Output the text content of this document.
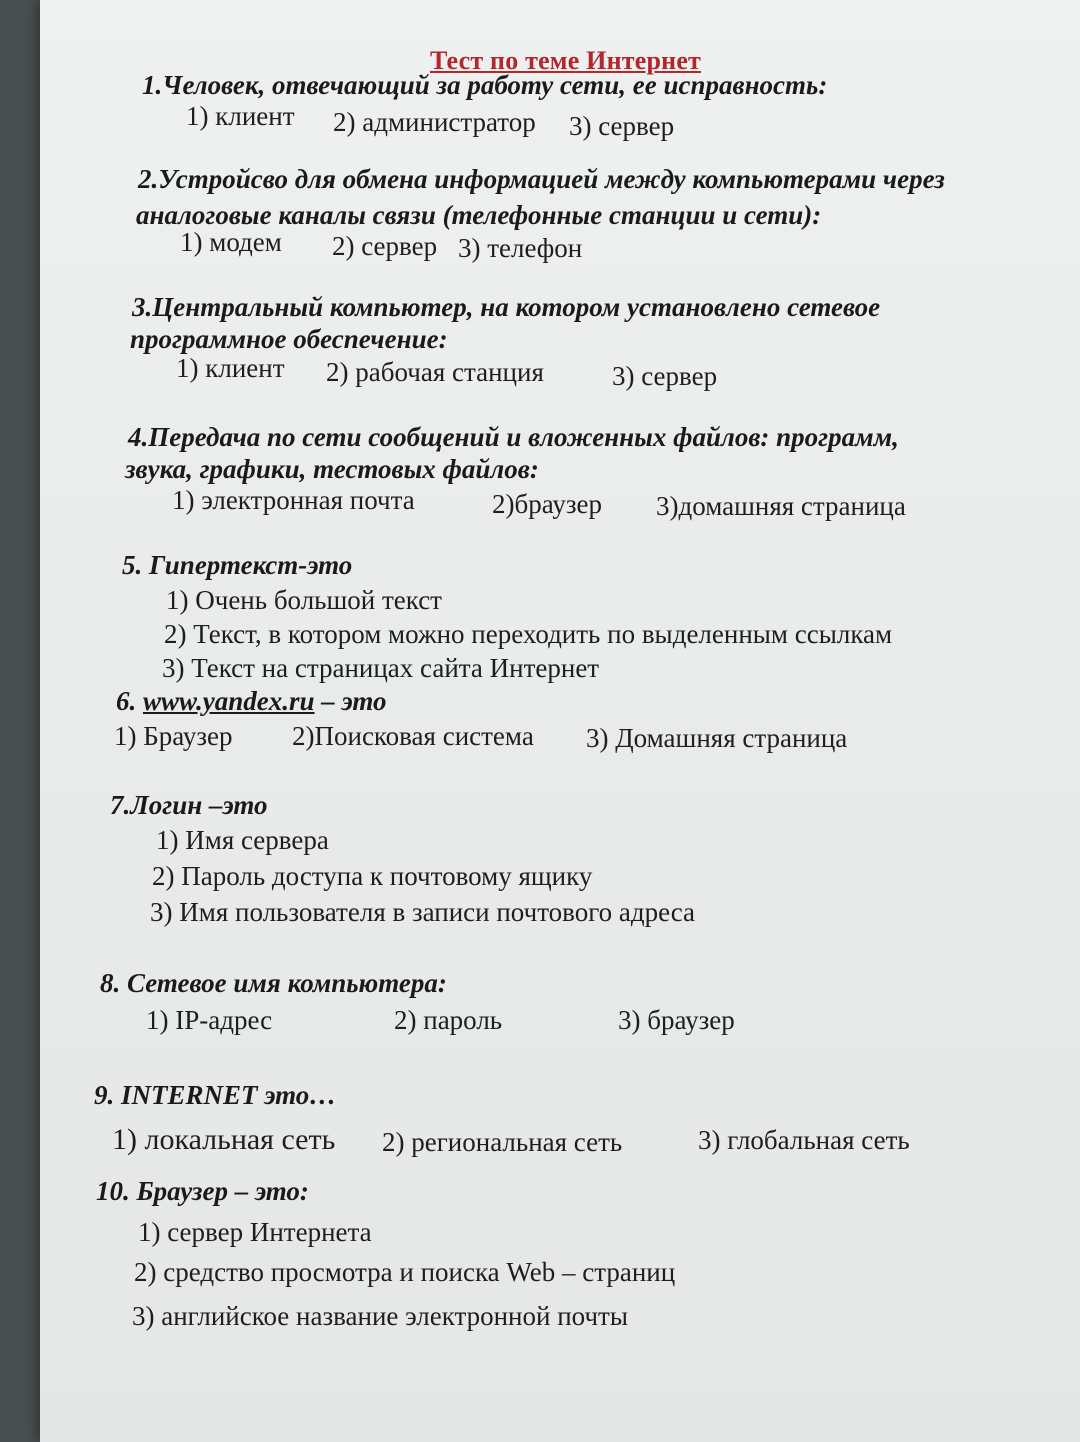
Тест по теме Интернет
1.Человек, отвечающий за работу сети, ее исправность:
1) клиент 2) администратор 3) сервер
2.Устройсво для обмена информацией между компьютерами через
аналоговые каналы связи (телефонные станции и сети):
1) модем 2) сервер 3) телефон
3.Центральный компьютер, на котором установлено сетевое
программное обеспечение:
1) клиент 2) рабочая станция	3) сервер
4.Передача по сети сообщений и вложенных файлов: программ,
звука, графики, тестовых файлов:
1) электронная почта	2)браузер 3)домашняя страница
5. Гипертекст-это
1) Очень большой текст
2) Текст, в котором можно переходить по выделенным ссылкам
3) Текст на страницах сайта Интернет
6. www.yandex.ru – это
1) Браузер 2)Поисковая система 3) Домашняя страница
7.Логин –это
1) Имя сервера
2) Пароль доступа к почтовому ящику
3) Имя пользователя в записи почтового адреса
8. Сетевое имя компьютера:
1) IP-адрес	2) пароль	3) браузер
9. INTERNET это…
1) локальная сеть 2) региональная сеть	3) глобальная сеть
10. Браузер – это:
1) сервер Интернета
2) средство просмотра и поиска Web – страниц
3) английское название электронной почты
